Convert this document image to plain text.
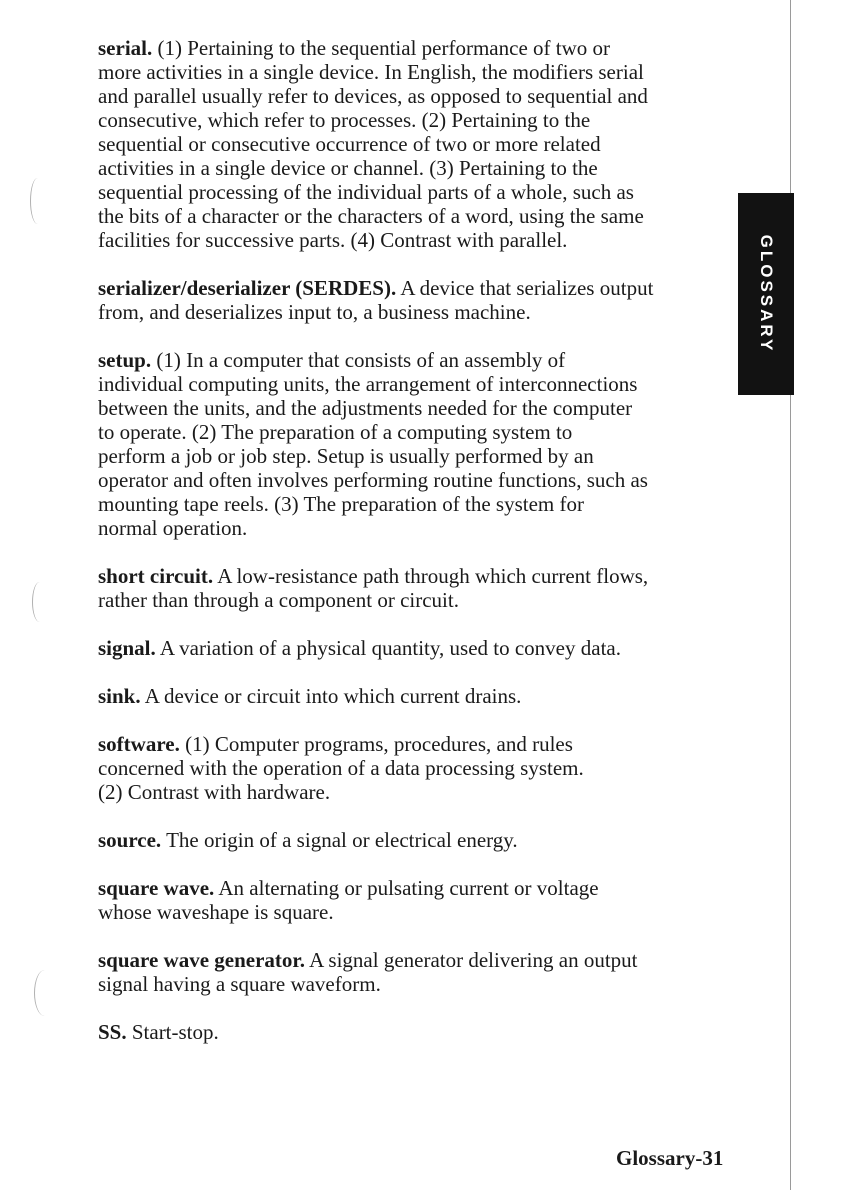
GLOSSARY

serial. (1) Pertaining to the sequential performance of two or
more activities in a single device. In English, the modifiers serial
and parallel usually refer to devices, as opposed to sequential and
consecutive, which refer to processes. (2) Pertaining to the
sequential or consecutive occurrence of two or more related
activities in a single device or channel. (3) Pertaining to the
sequential processing of the individual parts of a whole, such as
the bits of a character or the characters of a word, using the same
facilities for successive parts. (4) Contrast with parallel.

serializer/deserializer (SERDES). A device that serializes output
from, and deserializes input to, a business machine.

setup. (1) In a computer that consists of an assembly of
individual computing units, the arrangement of interconnections
between the units, and the adjustments needed for the computer
to operate. (2) The preparation of a computing system to
perform a job or job step. Setup is usually performed by an
operator and often involves performing routine functions, such as
mounting tape reels. (3) The preparation of the system for
normal operation.

short circuit. A low-resistance path through which current flows,
rather than through a component or circuit.

signal. A variation of a physical quantity, used to convey data.

sink. A device or circuit into which current drains.

software. (1) Computer programs, procedures, and rules
concerned with the operation of a data processing system.
(2) Contrast with hardware.

source. The origin of a signal or electrical energy.

square wave. An alternating or pulsating current or voltage
whose waveshape is square.

square wave generator. A signal generator delivering an output
signal having a square waveform.

SS. Start-stop.

Glossary-31
